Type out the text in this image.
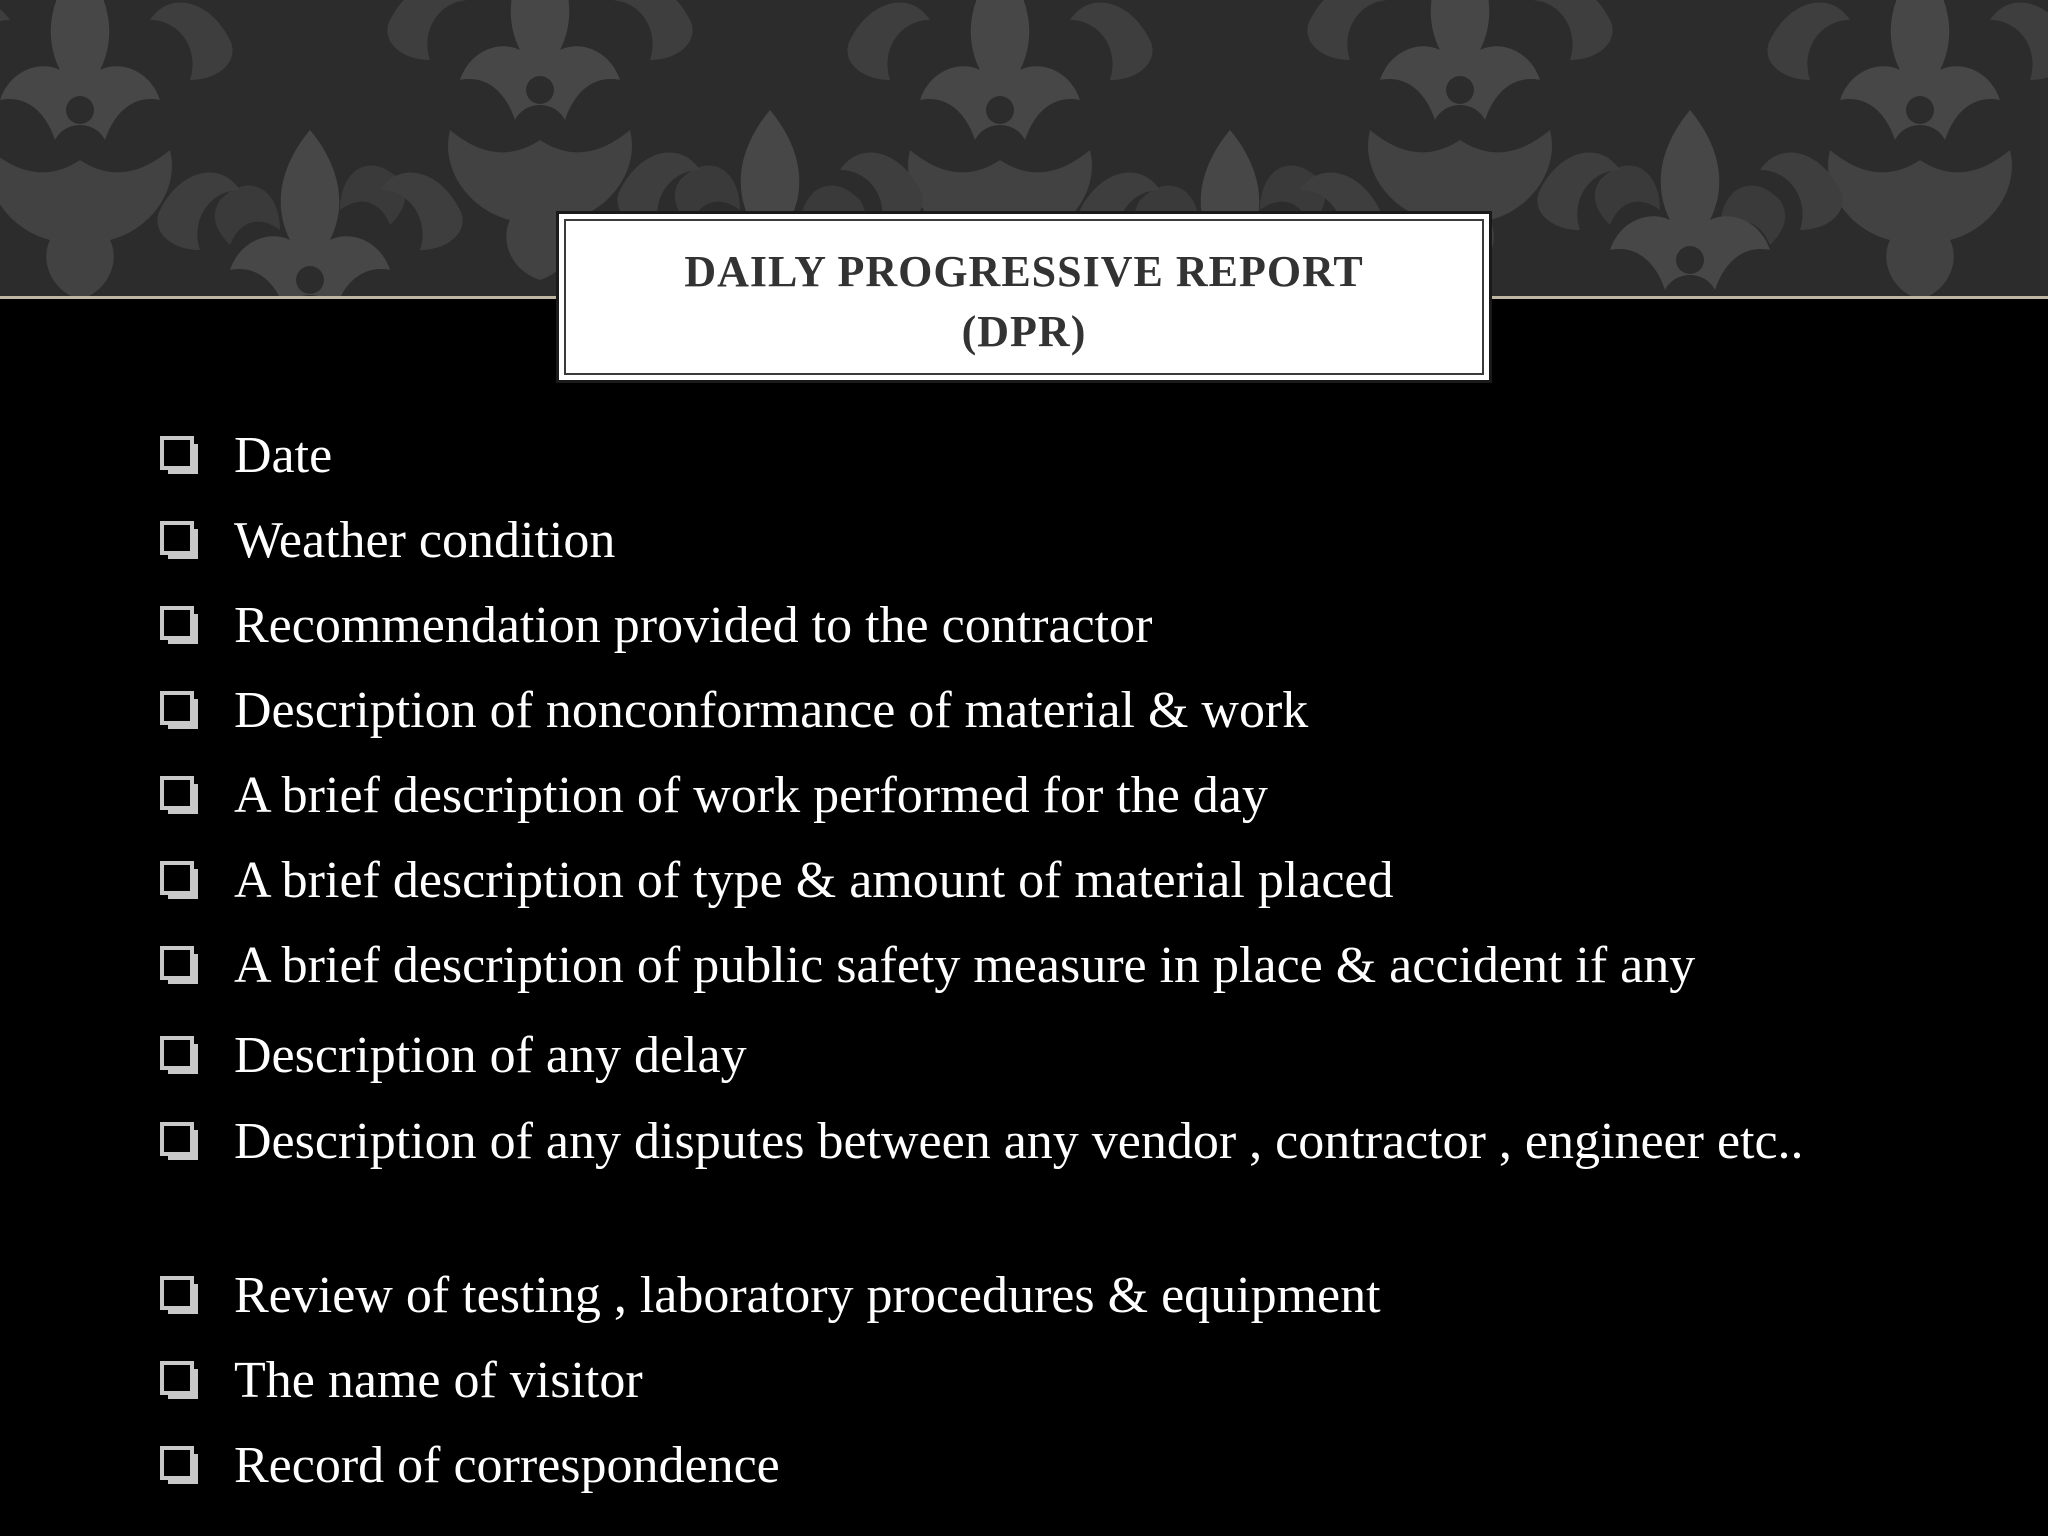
DAILY PROGRESSIVE REPORT
(DPR)
Date
Weather condition
Recommendation provided to the contractor
Description of nonconformance of material & work
A brief description of work performed for the day
A brief description of type & amount of material placed
A brief description of public safety measure in place & accident if any
Description of any delay
Description of any disputes between any vendor , contractor , engineer etc..
Review of testing , laboratory procedures & equipment
The name of visitor
Record of correspondence
